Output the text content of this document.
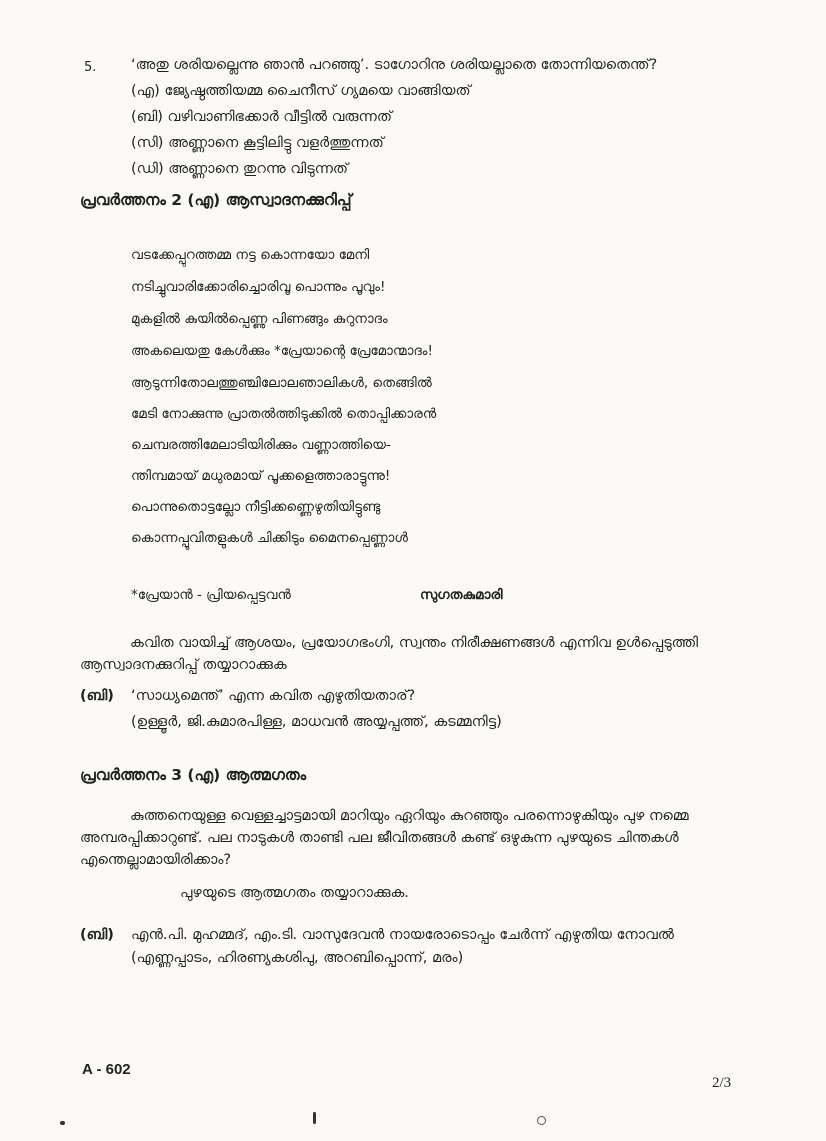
5. ‘അതു ശരിയല്ലെന്നു ഞാൻ പറഞ്ഞു’. ടാഗോറിനു ശരിയല്ലാതെ തോന്നിയതെന്ത്?
(എ) ജ്യേഷ്ഠത്തിയമ്മ ചൈനീസ് ഗ്യമയെ വാങ്ങിയത്
(ബി) വഴിവാണിഭക്കാർ വീട്ടിൽ വരുന്നത്
(സി) അണ്ണാനെ കൂട്ടിലിട്ടു വളർത്തുന്നത്
(ഡി) അണ്ണാനെ തുറന്നു വിടുന്നത്
പ്രവർത്തനം 2 (എ) ആസ്വാദനക്കുറിപ്പ്
വടക്കേപ്പുറത്തമ്മ നട്ട കൊന്നയോ മേനി
നടിച്ചുവാരിക്കോരിച്ചൊരിവൂ പൊന്നും പൂവും!
മുകളിൽ കുയിൽപ്പെണ്ണു പിണങ്ങും കുറുനാദം
അകലെയതു കേൾക്കും *പ്രേയാന്റെ പ്രേമോന്മാദം!
ആടുന്നിതോലത്തുഞ്ചിലോലഞാലികൾ, തെങ്ങിൽ
മേടി നോക്കുന്നു പ്രാതൽത്തിടുക്കിൽ തൊപ്പിക്കാരൻ
ചെമ്പരത്തിമേലാടിയിരിക്കും വണ്ണാത്തിയെ-
ന്തിമ്പമായ് മധുരമായ് പൂക്കളെത്താരാട്ടുന്നു!
പൊന്നുതൊട്ടല്ലോ നീട്ടിക്കണ്ണെഴുതിയിട്ടുണ്ടു
കൊന്നപ്പൂവിതളുകൾ ചിക്കിടും മൈനപ്പെണ്ണാൾ
*പ്രേയാൻ - പ്രിയപ്പെട്ടവൻ	സുഗതകുമാരി
കവിത വായിച്ച് ആശയം, പ്രയോഗഭംഗി, സ്വന്തം നിരീക്ഷണങ്ങൾ എന്നിവ ഉൾപ്പെടുത്തി ആസ്വാദനക്കുറിപ്പ് തയ്യാറാക്കുക
(ബി) ‘സാധ്യമെന്ത്’ എന്ന കവിത എഴുതിയതാര്?
(ഉള്ളൂർ, ജി.കുമാരപിള്ള, മാധവൻ അയ്യപ്പത്ത്, കടമ്മനിട്ട)
പ്രവർത്തനം 3 (എ) ആത്മഗതം
കുത്തനെയുള്ള വെള്ളച്ചാട്ടമായി മാറിയും ഏറിയും കുറഞ്ഞും പരന്നൊഴുകിയും പുഴ നമ്മെ അമ്പരപ്പിക്കാറുണ്ട്. പല നാടുകൾ താണ്ടി പല ജീവിതങ്ങൾ കണ്ട് ഒഴുകുന്ന പുഴയുടെ ചിന്തകൾ എന്തെല്ലാമായിരിക്കാം?
പുഴയുടെ ആത്മഗതം തയ്യാറാക്കുക.
(ബി) എൻ.പി. മുഹമ്മദ്, എം.ടി. വാസുദേവൻ നായരോടൊപ്പം ചേർന്ന് എഴുതിയ നോവൽ
(എണ്ണപ്പാടം, ഹിരണ്യകശിപു, അറബിപ്പൊന്ന്, മരം)
A - 602
2/3
